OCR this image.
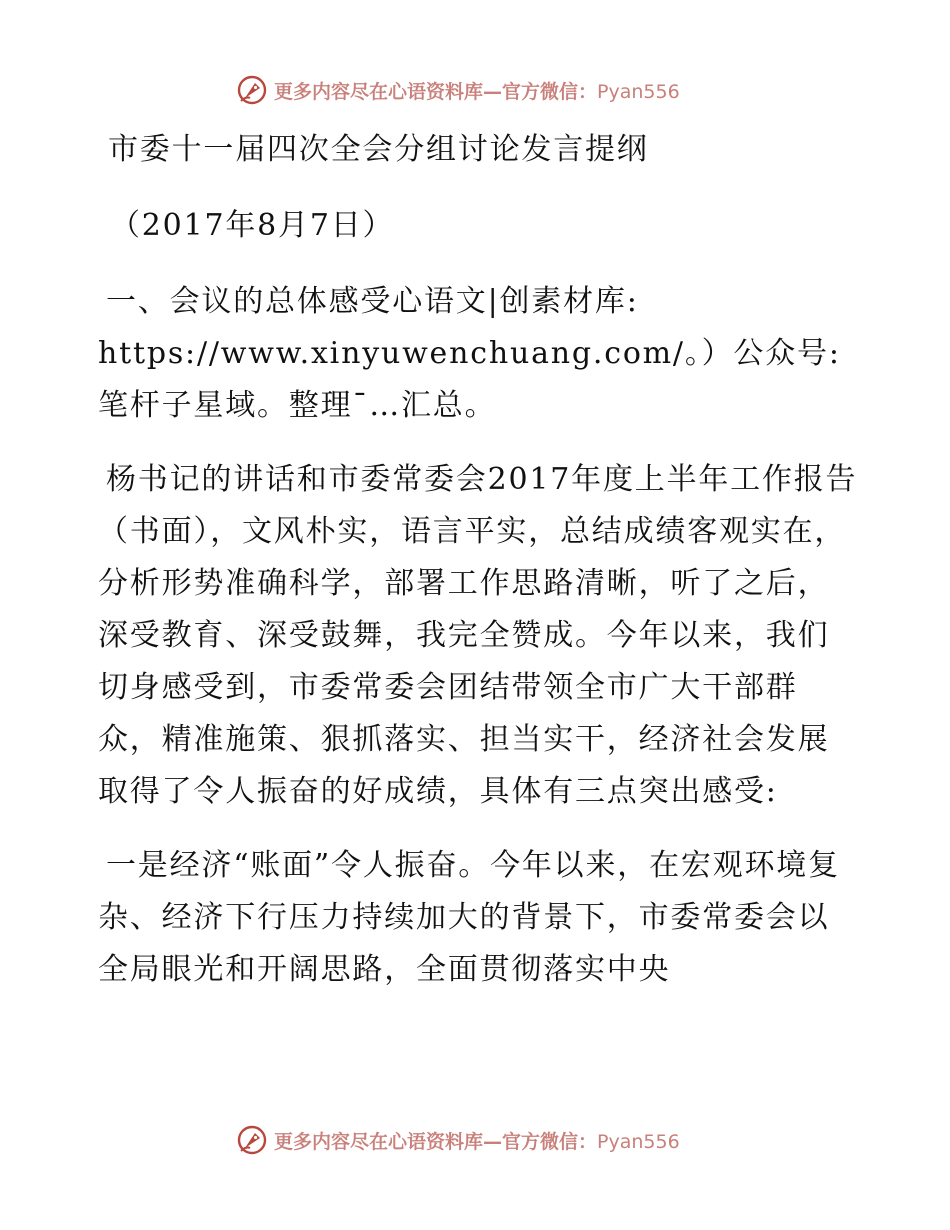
更多内容尽在心语资料库—官方微信：Pyan556

市委十一届四次全会分组讨论发言提纲

（2017年8月7日）

一、会议的总体感受心语文|创素材库:

https://www.xinyuwenchuang.com/。）公众号:

笔杆子星域。整理¯…汇总。

杨书记的讲话和市委常委会2017年度上半年工作报告（书面），文风朴实，语言平实，总结成绩客观实在，分析形势准确科学，部署工作思路清晰，听了之后，深受教育、深受鼓舞，我完全赞成。今年以来，我们切身感受到，市委常委会团结带领全市广大干部群众，精准施策、狠抓落实、担当实干，经济社会发展取得了令人振奋的好成绩，具体有三点突出感受:

一是经济“账面”令人振奋。今年以来，在宏观环境复杂、经济下行压力持续加大的背景下，市委常委会以全局眼光和开阔思路，全面贯彻落实中央

更多内容尽在心语资料库—官方微信：Pyan556
